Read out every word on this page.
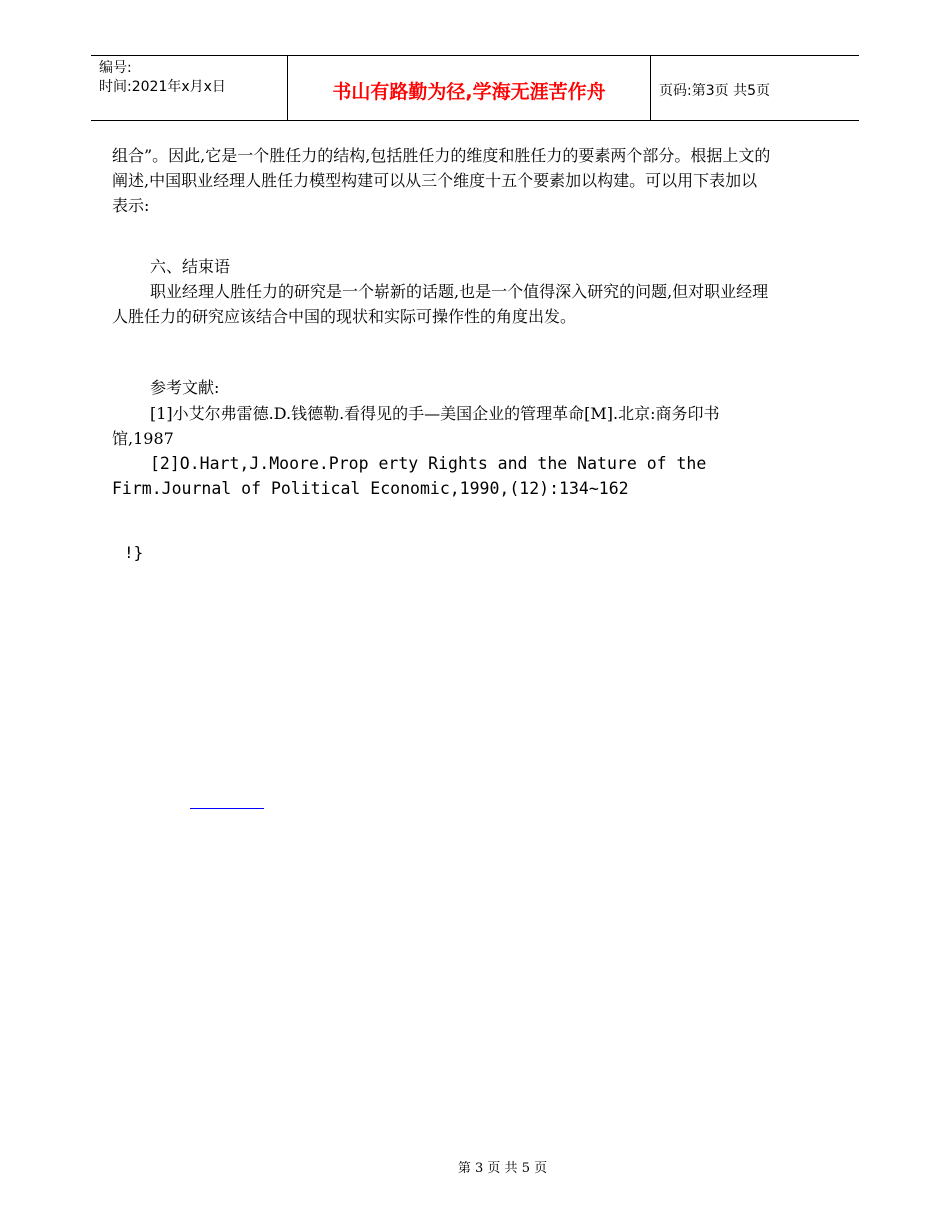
编号:
时间:2021年x月x日	书山有路勤为径,学海无涯苦作舟	页码:第3页 共5页

组合”。因此,它是一个胜任力的结构,包括胜任力的维度和胜任力的要素两个部分。根据上文的阐述,中国职业经理人胜任力模型构建可以从三个维度十五个要素加以构建。可以用下表加以表示:

六、结束语

职业经理人胜任力的研究是一个崭新的话题,也是一个值得深入研究的问题,但对职业经理人胜任力的研究应该结合中国的现状和实际可操作性的角度出发。

参考文献:

[1]小艾尔弗雷德.D.钱德勒.看得见的手—美国企业的管理革命[M].北京:商务印书馆,1987

[2]O.Hart,J.Moore.Prop erty Rights and the Nature of the Firm.Journal of Political Economic,1990,(12):134~162

!}

第 3 页 共 5 页
